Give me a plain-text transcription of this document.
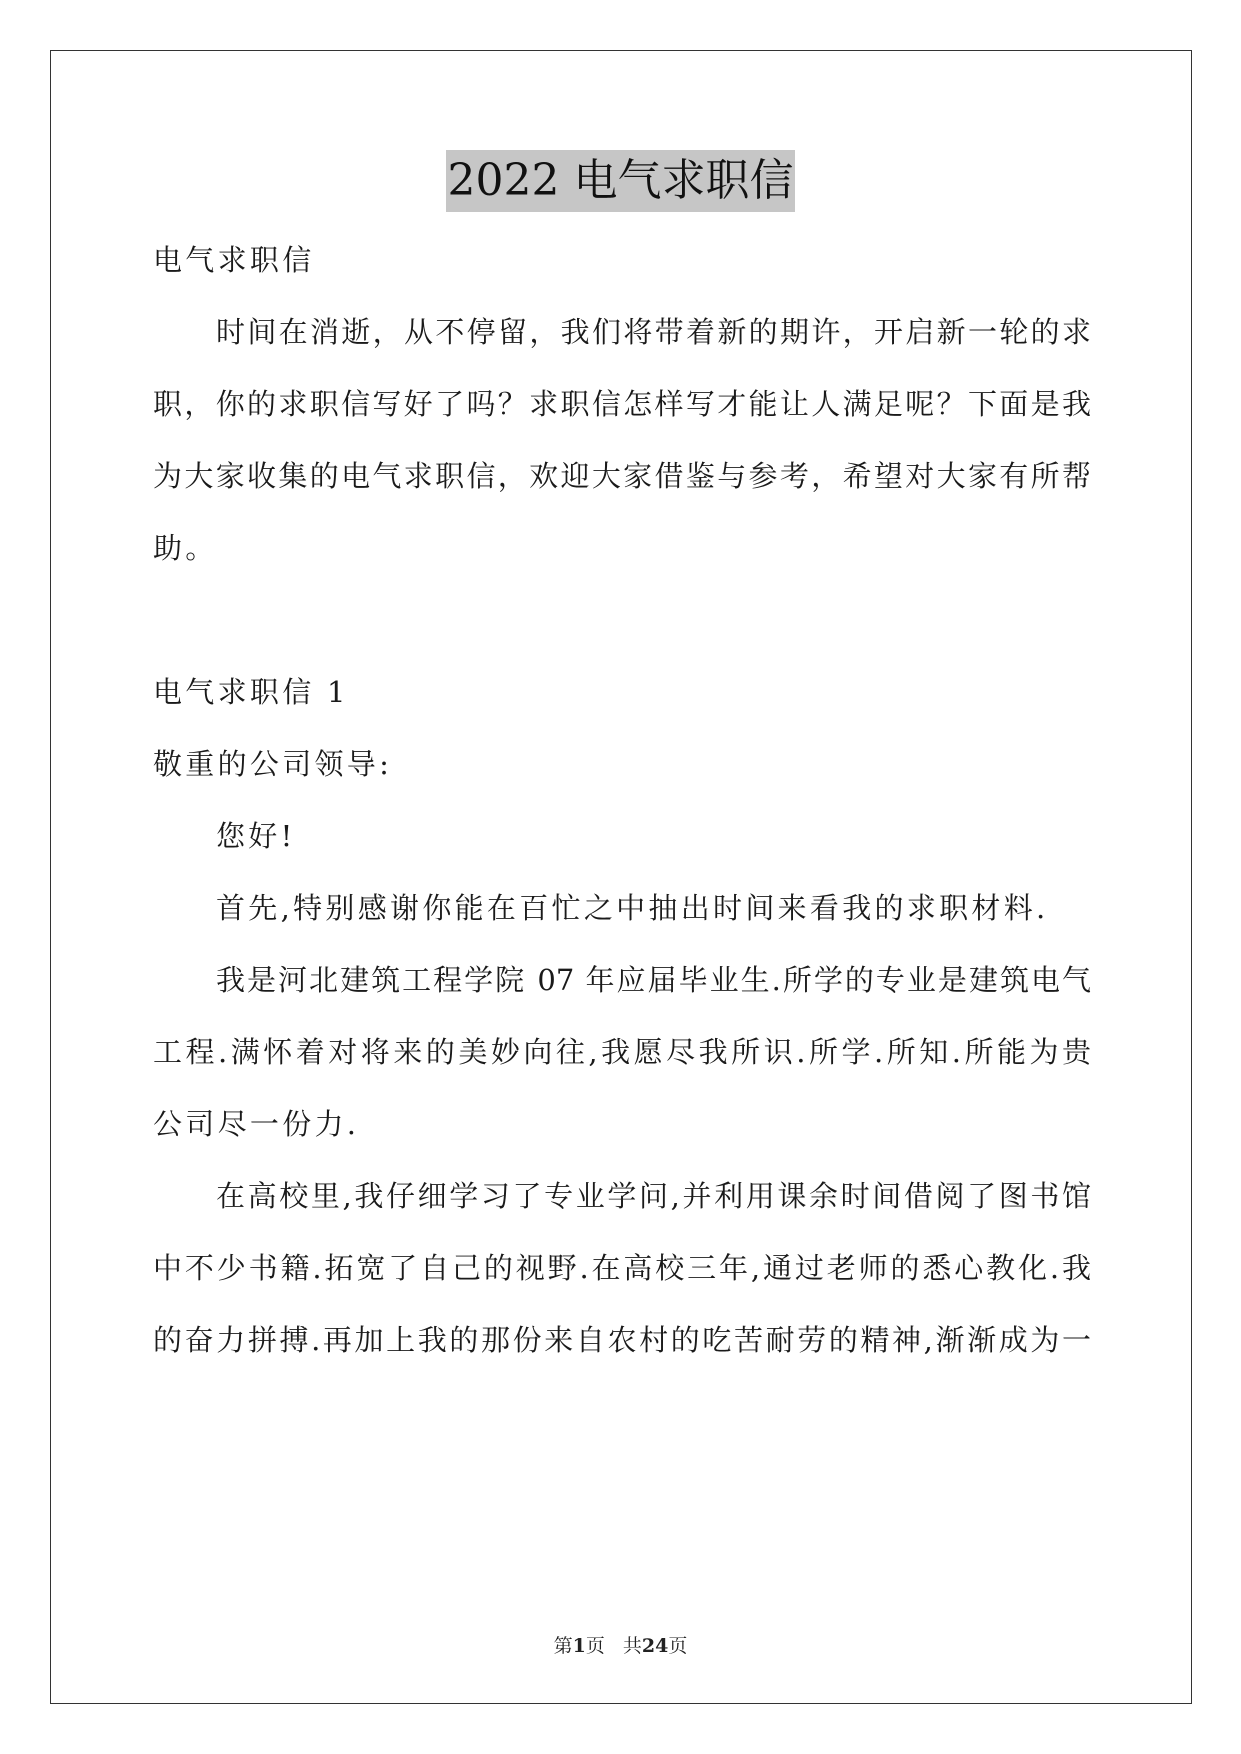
2022 电气求职信
电气求职信
时间在消逝，从不停留，我们将带着新的期许，开启新一轮的求
职，你的求职信写好了吗？求职信怎样写才能让人满足呢？下面是我
为大家收集的电气求职信，欢迎大家借鉴与参考，希望对大家有所帮
助。
电气求职信 1
敬重的公司领导:
您好!
首先,特别感谢你能在百忙之中抽出时间来看我的求职材料.
我是河北建筑工程学院 07 年应届毕业生.所学的专业是建筑电气
工程.满怀着对将来的美妙向往,我愿尽我所识.所学.所知.所能为贵
公司尽一份力.
在高校里,我仔细学习了专业学问,并利用课余时间借阅了图书馆
中不少书籍.拓宽了自己的视野.在高校三年,通过老师的悉心教化.我
的奋力拼搏.再加上我的那份来自农村的吃苦耐劳的精神,渐渐成为一
第1页 共24页
